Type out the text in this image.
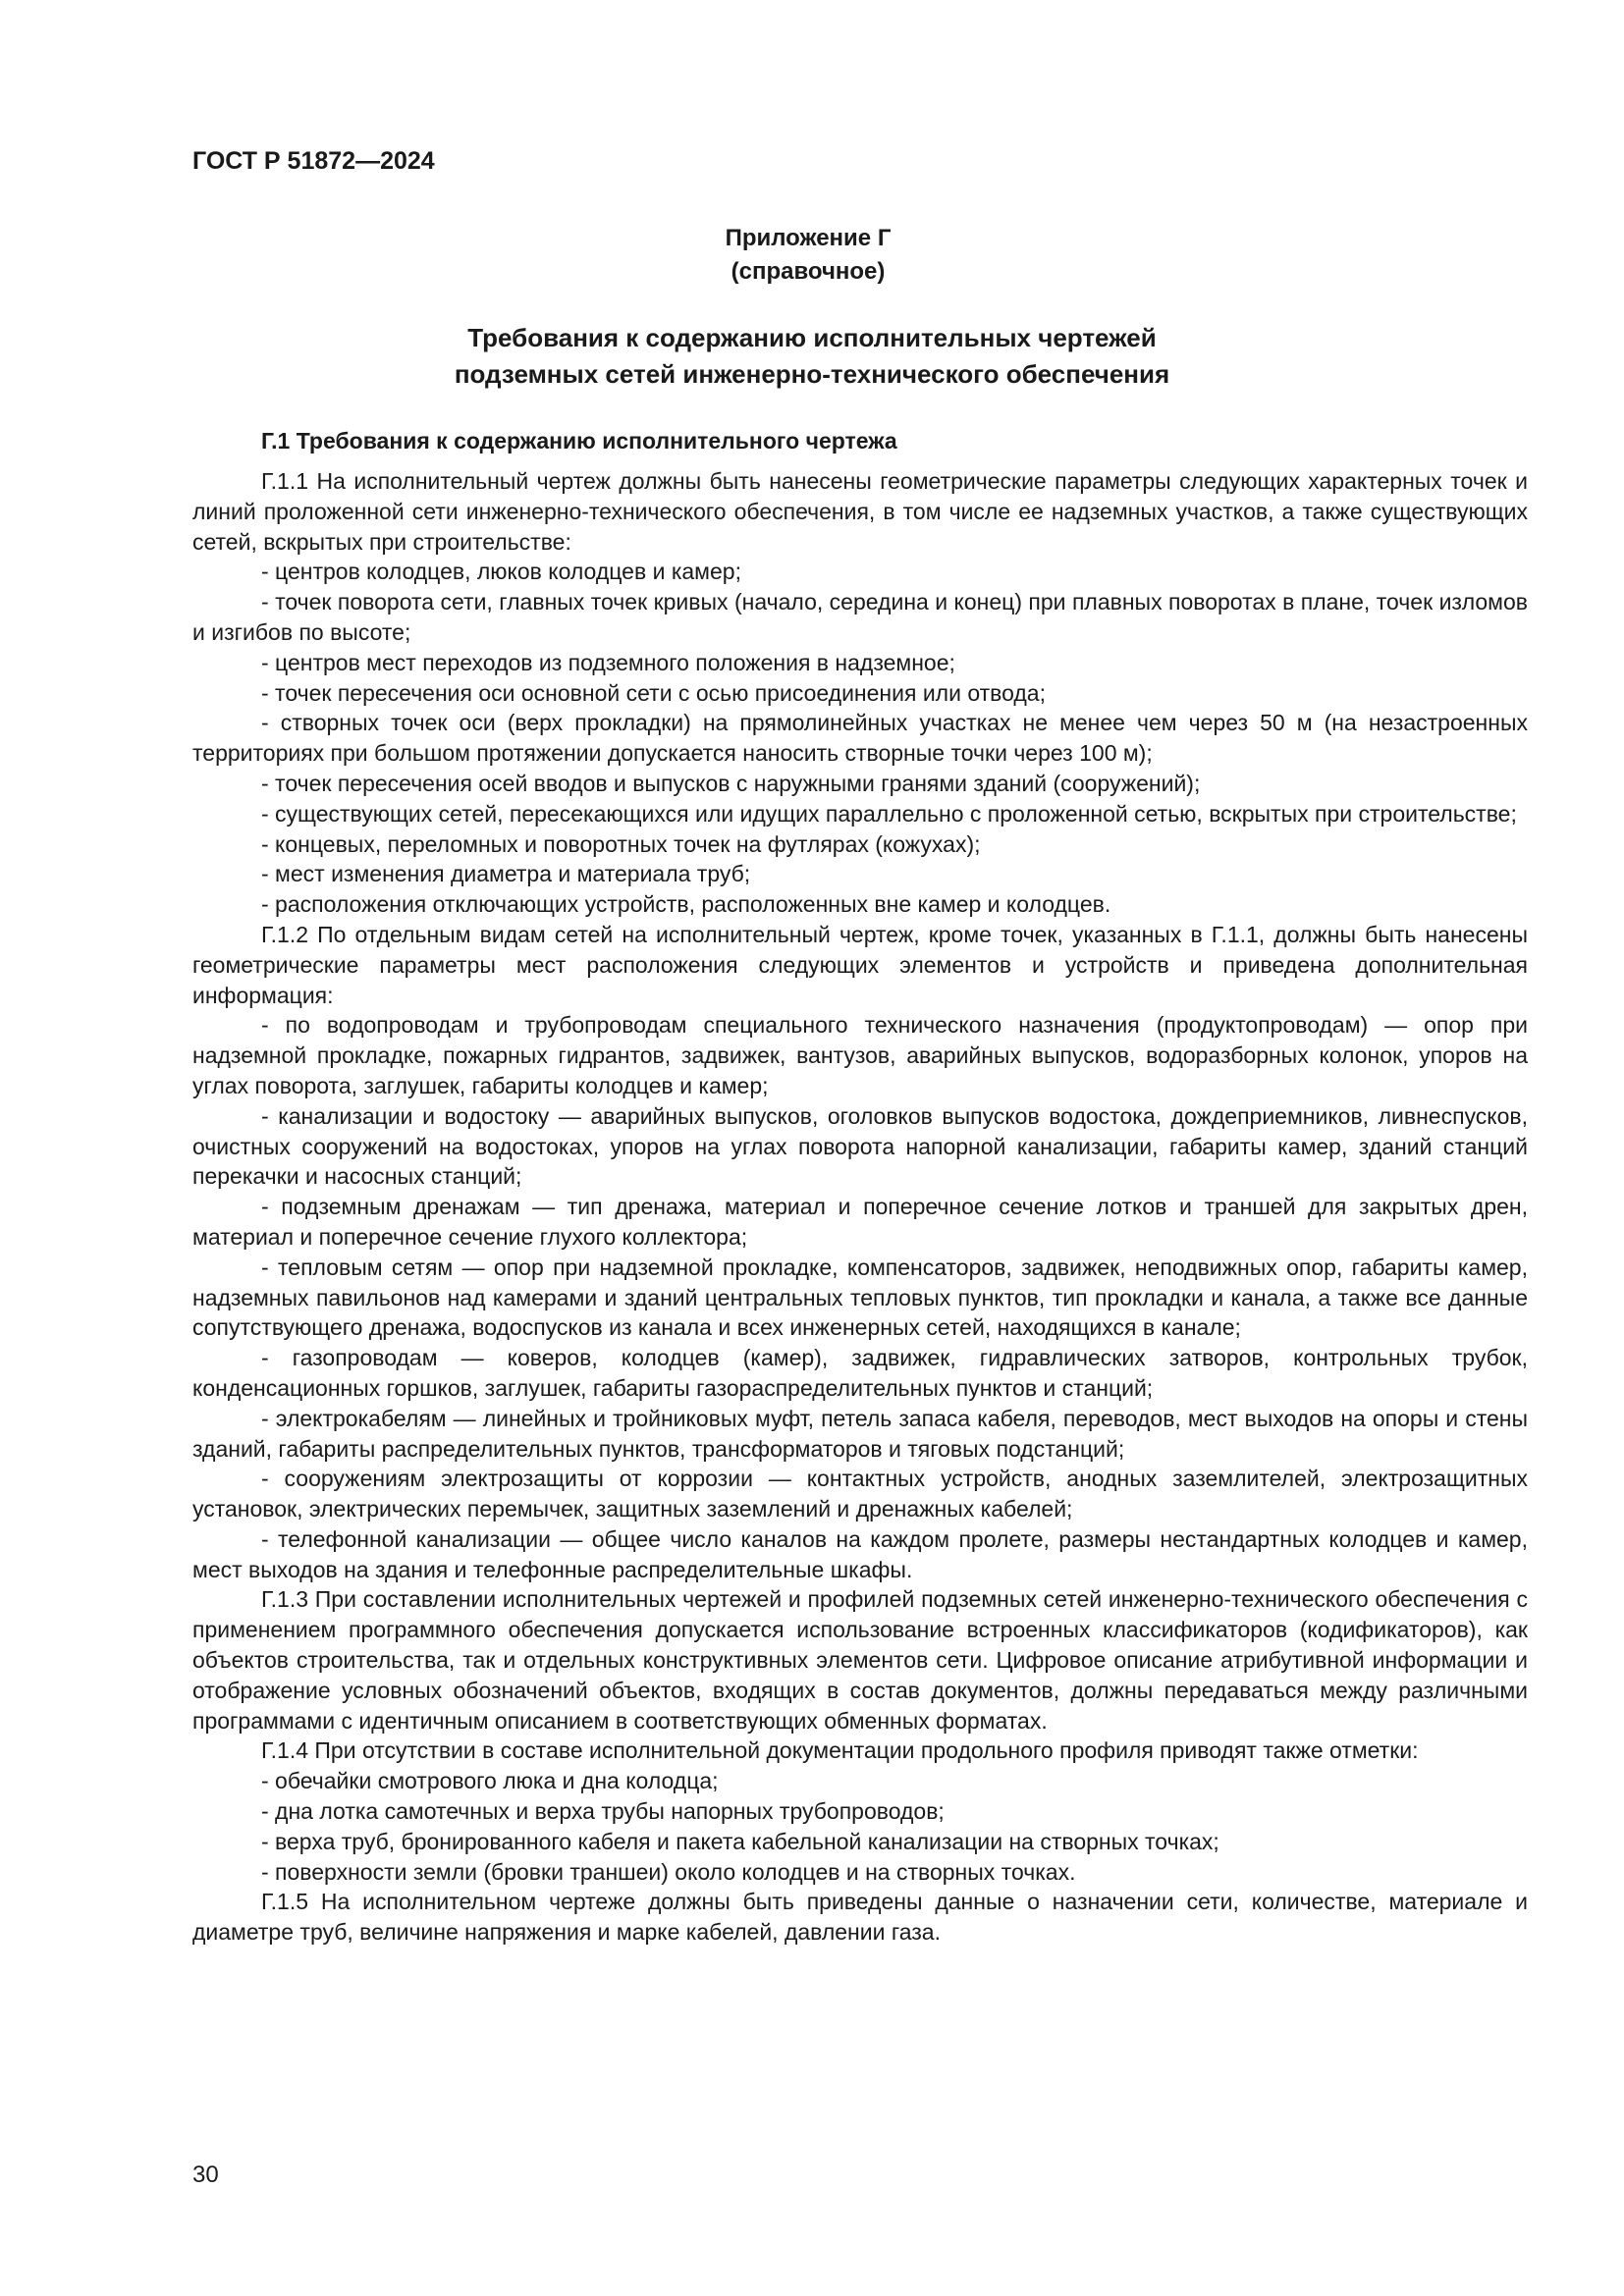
ГОСТ Р 51872—2024
Приложение Г
(справочное)
Требования к содержанию исполнительных чертежей
подземных сетей инженерно-технического обеспечения
Г.1 Требования к содержанию исполнительного чертежа

Г.1.1 На исполнительный чертеж должны быть нанесены геометрические параметры следующих характерных точек и линий проложенной сети инженерно-технического обеспечения, в том числе ее надземных участков, а также существующих сетей, вскрытых при строительстве:

- центров колодцев, люков колодцев и камер;

- точек поворота сети, главных точек кривых (начало, середина и конец) при плавных поворотах в плане, точек изломов и изгибов по высоте;

- центров мест переходов из подземного положения в надземное;

- точек пересечения оси основной сети с осью присоединения или отвода;

- створных точек оси (верх прокладки) на прямолинейных участках не менее чем через 50 м (на незастроенных территориях при большом протяжении допускается наносить створные точки через 100 м);

- точек пересечения осей вводов и выпусков с наружными гранями зданий (сооружений);

- существующих сетей, пересекающихся или идущих параллельно с проложенной сетью, вскрытых при строительстве;

- концевых, переломных и поворотных точек на футлярах (кожухах);

- мест изменения диаметра и материала труб;

- расположения отключающих устройств, расположенных вне камер и колодцев.

Г.1.2 По отдельным видам сетей на исполнительный чертеж, кроме точек, указанных в Г.1.1, должны быть нанесены геометрические параметры мест расположения следующих элементов и устройств и приведена дополнительная информация:

- по водопроводам и трубопроводам специального технического назначения (продуктопроводам) — опор при надземной прокладке, пожарных гидрантов, задвижек, вантузов, аварийных выпусков, водоразборных колонок, упоров на углах поворота, заглушек, габариты колодцев и камер;

- канализации и водостоку — аварийных выпусков, оголовков выпусков водостока, дождеприемников, ливнеспусков, очистных сооружений на водостоках, упоров на углах поворота напорной канализации, габариты камер, зданий станций перекачки и насосных станций;

- подземным дренажам — тип дренажа, материал и поперечное сечение лотков и траншей для закрытых дрен, материал и поперечное сечение глухого коллектора;

- тепловым сетям — опор при надземной прокладке, компенсаторов, задвижек, неподвижных опор, габариты камер, надземных павильонов над камерами и зданий центральных тепловых пунктов, тип прокладки и канала, а также все данные сопутствующего дренажа, водоспусков из канала и всех инженерных сетей, находящихся в канале;

- газопроводам — коверов, колодцев (камер), задвижек, гидравлических затворов, контрольных трубок, конденсационных горшков, заглушек, габариты газораспределительных пунктов и станций;

- электрокабелям — линейных и тройниковых муфт, петель запаса кабеля, переводов, мест выходов на опоры и стены зданий, габариты распределительных пунктов, трансформаторов и тяговых подстанций;

- сооружениям электрозащиты от коррозии — контактных устройств, анодных заземлителей, электрозащитных установок, электрических перемычек, защитных заземлений и дренажных кабелей;

- телефонной канализации — общее число каналов на каждом пролете, размеры нестандартных колодцев и камер, мест выходов на здания и телефонные распределительные шкафы.

Г.1.3 При составлении исполнительных чертежей и профилей подземных сетей инженерно-технического обеспечения с применением программного обеспечения допускается использование встроенных классификаторов (кодификаторов), как объектов строительства, так и отдельных конструктивных элементов сети. Цифровое описание атрибутивной информации и отображение условных обозначений объектов, входящих в состав документов, должны передаваться между различными программами с идентичным описанием в соответствующих обменных форматах.

Г.1.4 При отсутствии в составе исполнительной документации продольного профиля приводят также отметки:

- обечайки смотрового люка и дна колодца;

- дна лотка самотечных и верха трубы напорных трубопроводов;

- верха труб, бронированного кабеля и пакета кабельной канализации на створных точках;

- поверхности земли (бровки траншеи) около колодцев и на створных точках.

Г.1.5 На исполнительном чертеже должны быть приведены данные о назначении сети, количестве, материале и диаметре труб, величине напряжения и марке кабелей, давлении газа.

30
